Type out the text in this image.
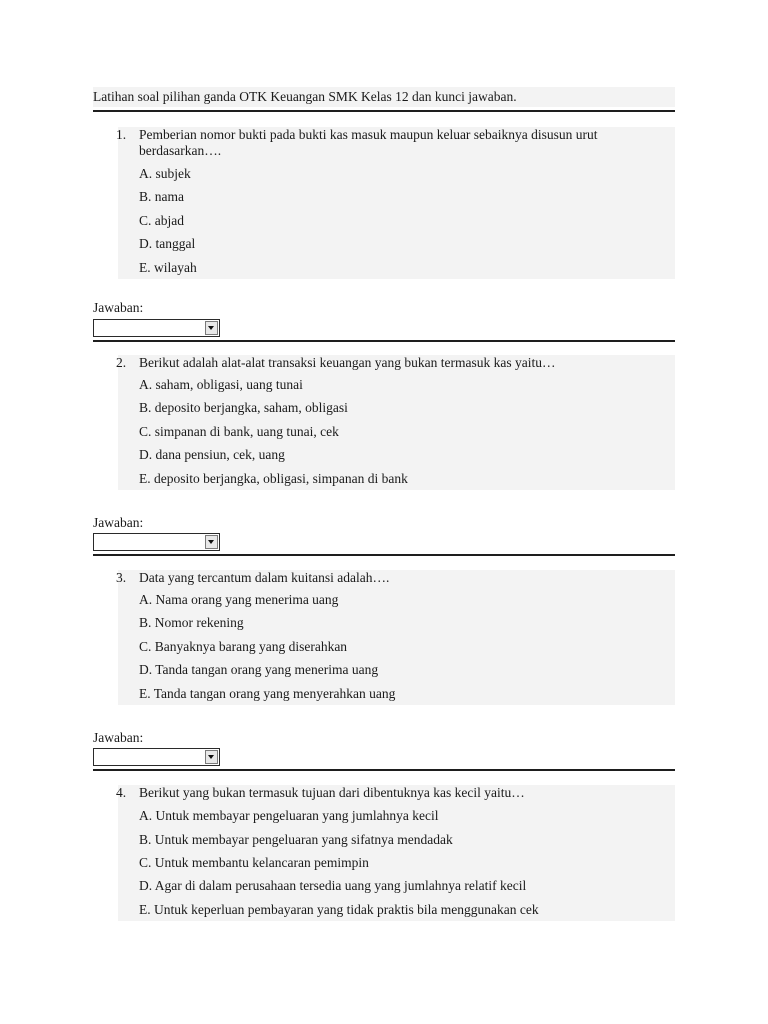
Latihan soal pilihan ganda OTK Keuangan SMK Kelas 12 dan kunci jawaban.
1. Pemberian nomor bukti pada bukti kas masuk maupun keluar sebaiknya disusun urut berdasarkan….
A. subjek
B. nama
C. abjad
D. tanggal
E. wilayah
Jawaban:
2. Berikut adalah alat-alat transaksi keuangan yang bukan termasuk kas yaitu…
A. saham, obligasi, uang tunai
B. deposito berjangka, saham, obligasi
C. simpanan di bank, uang tunai, cek
D. dana pensiun, cek, uang
E. deposito berjangka, obligasi, simpanan di bank
Jawaban:
3. Data yang tercantum dalam kuitansi adalah….
A. Nama orang yang menerima uang
B. Nomor rekening
C. Banyaknya barang yang diserahkan
D. Tanda tangan orang yang menerima uang
E. Tanda tangan orang yang menyerahkan uang
Jawaban:
4. Berikut yang bukan termasuk tujuan dari dibentuknya kas kecil yaitu…
A. Untuk membayar pengeluaran yang jumlahnya kecil
B. Untuk membayar pengeluaran yang sifatnya mendadak
C. Untuk membantu kelancaran pemimpin
D. Agar di dalam perusahaan tersedia uang yang jumlahnya relatif kecil
E. Untuk keperluan pembayaran yang tidak praktis bila menggunakan cek
